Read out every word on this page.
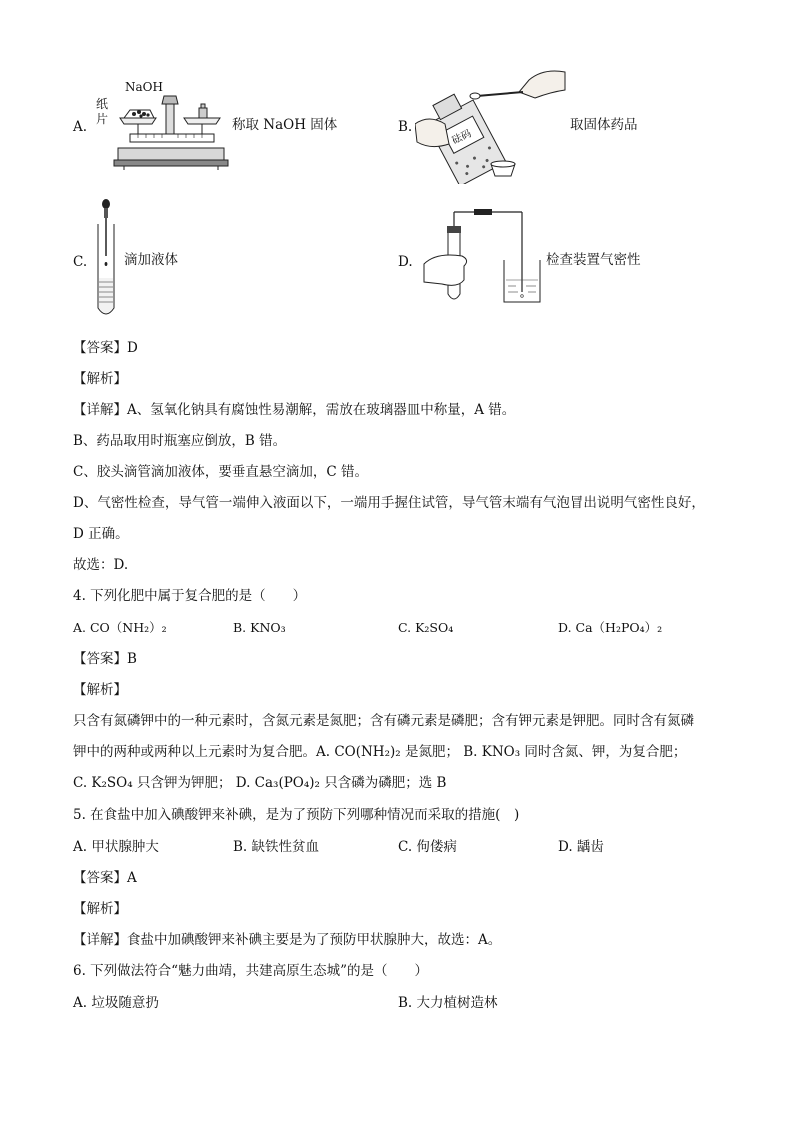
A.
纸片
NaOH
称取 NaOH 固体	B.
砝码
取固体药品
C.	滴加液体	D.	检查装置气密性
【答案】D
【解析】
【详解】A、氢氧化钠具有腐蚀性易潮解，需放在玻璃器皿中称量，A 错。
B、药品取用时瓶塞应倒放，B 错。
C、胶头滴管滴加液体，要垂直悬空滴加，C 错。
D、气密性检查，导气管一端伸入液面以下，一端用手握住试管，导气管末端有气泡冒出说明气密性良好，
D 正确。
故选：D.
4. 下列化肥中属于复合肥的是（　　）
A. CO（NH₂）₂	B. KNO₃	C. K₂SO₄	D. Ca（H₂PO₄）₂
【答案】B
【解析】
只含有氮磷钾中的一种元素时，含氮元素是氮肥；含有磷元素是磷肥；含有钾元素是钾肥。同时含有氮磷
钾中的两种或两种以上元素时为复合肥。A. CO(NH₂)₂ 是氮肥； B. KNO₃ 同时含氮、钾，为复合肥；
C. K₂SO₄ 只含钾为钾肥； D. Ca₃(PO₄)₂ 只含磷为磷肥；选 B
5. 在食盐中加入碘酸钾来补碘，是为了预防下列哪种情况而采取的措施(　)
A. 甲状腺肿大	B. 缺铁性贫血	C. 佝偻病	D. 龋齿
【答案】A
【解析】
【详解】食盐中加碘酸钾来补碘主要是为了预防甲状腺肿大，故选：A。
6. 下列做法符合“魅力曲靖，共建高原生态城”的是（　　）
A. 垃圾随意扔	B. 大力植树造林
